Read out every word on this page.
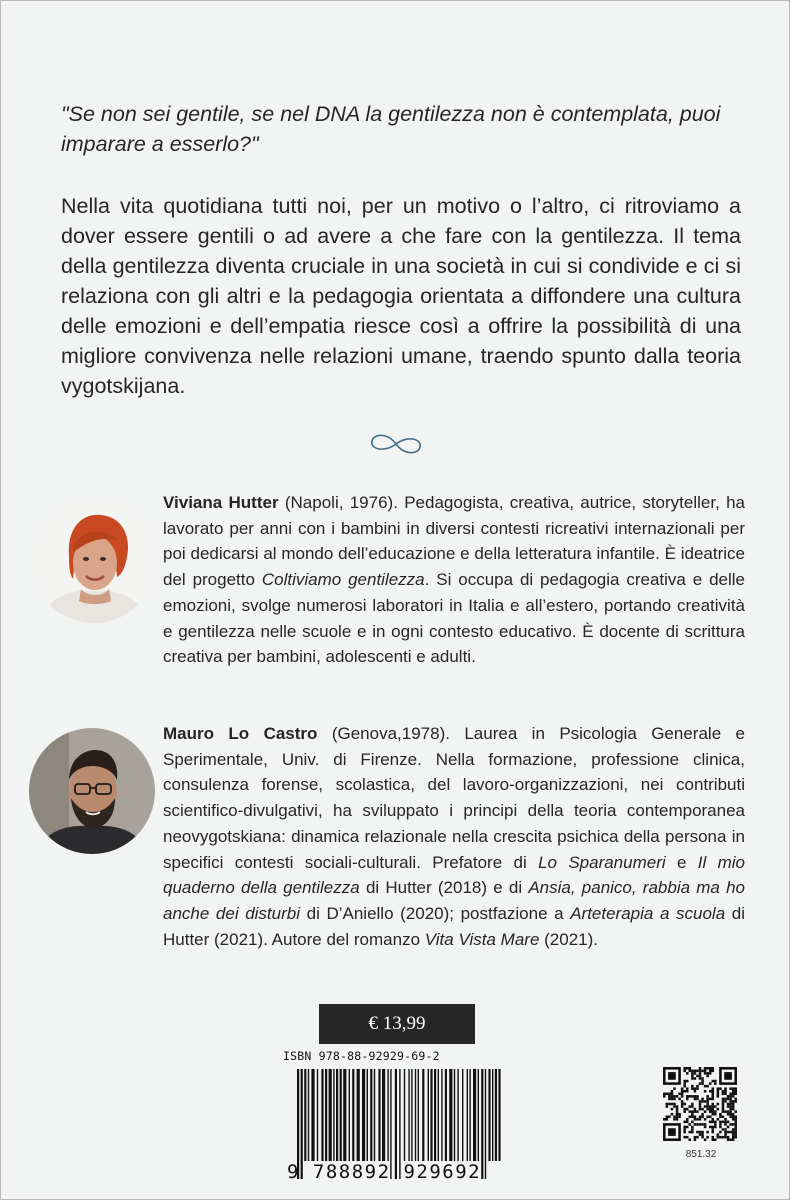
"Se non sei gentile, se nel DNA la gentilezza non è contemplata, puoi imparare a esserlo?"

Nella vita quotidiana tutti noi, per un motivo o l’altro, ci ritroviamo a dover essere gentili o ad avere a che fare con la gentilezza. Il tema della gentilezza diventa cruciale in una società in cui si condivide e ci si relaziona con gli altri e la pedagogia orientata a diffondere una cultura delle emozioni e dell’empatia riesce così a offrire la possibilità di una migliore convivenza nelle relazioni umane, traendo spunto dalla teoria vygotskijana.

Viviana Hutter (Napoli, 1976). Pedagogista, creativa, autrice, storyteller, ha lavorato per anni con i bambini in diversi contesti ricreativi internazionali per poi dedicarsi al mondo dell’educazione e della letteratura infantile. È ideatrice del progetto Coltiviamo gentilezza. Si occupa di pedagogia creativa e delle emozioni, svolge numerosi laboratori in Italia e all’estero, portando creatività e gentilezza nelle scuole e in ogni contesto educativo. È docente di scrittura creativa per bambini, adolescenti e adulti.

Mauro Lo Castro (Genova,1978). Laurea in Psicologia Generale e Sperimentale, Univ. di Firenze. Nella formazione, professione clinica, consulenza forense, scolastica, del lavoro-organizzazioni, nei contributi scientifico-divulgativi, ha sviluppato i principi della teoria contemporanea neovygotskiana: dinamica relazionale nella crescita psichica della persona in specifici contesti sociali-culturali. Prefatore di Lo Sparanumeri e Il mio quaderno della gentilezza di Hutter (2018) e di Ansia, panico, rabbia ma ho anche dei disturbi di D’Aniello (2020); postfazione a Arteterapia a scuola di Hutter (2021). Autore del romanzo Vita Vista Mare (2021).

€ 13,99
ISBN 978-88-92929-69-2
9 788892 929692
851.32
